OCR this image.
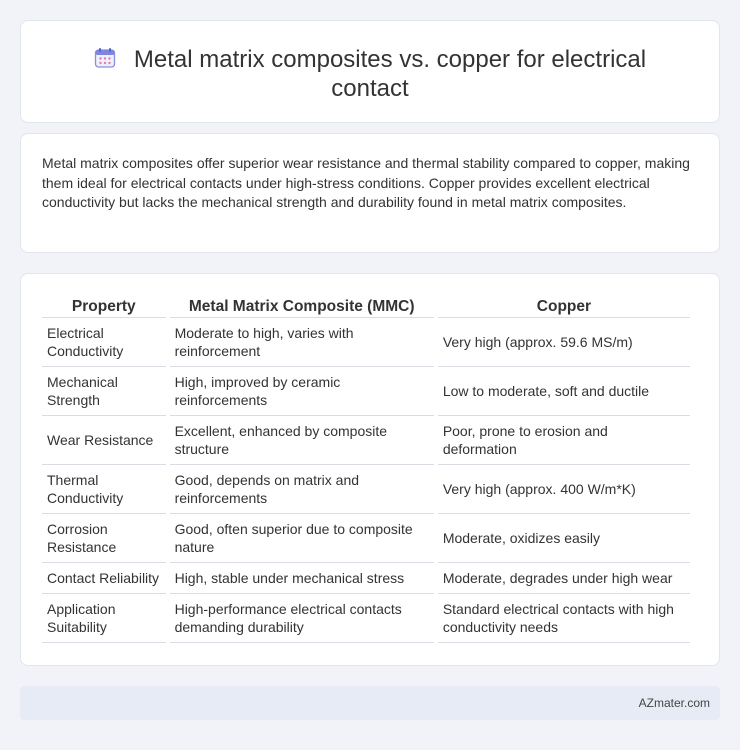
Metal matrix composites vs. copper for electrical contact

Metal matrix composites offer superior wear resistance and thermal stability compared to copper, making them ideal for electrical contacts under high-stress conditions. Copper provides excellent electrical conductivity but lacks the mechanical strength and durability found in metal matrix composites.

Property	Metal Matrix Composite (MMC)	Copper
Electrical Conductivity	Moderate to high, varies with reinforcement	Very high (approx. 59.6 MS/m)
Mechanical Strength	High, improved by ceramic reinforcements	Low to moderate, soft and ductile
Wear Resistance	Excellent, enhanced by composite structure	Poor, prone to erosion and deformation
Thermal Conductivity	Good, depends on matrix and reinforcements	Very high (approx. 400 W/m*K)
Corrosion Resistance	Good, often superior due to composite nature	Moderate, oxidizes easily
Contact Reliability	High, stable under mechanical stress	Moderate, degrades under high wear
Application Suitability	High-performance electrical contacts demanding durability	Standard electrical contacts with high conductivity needs
AZmater.com
